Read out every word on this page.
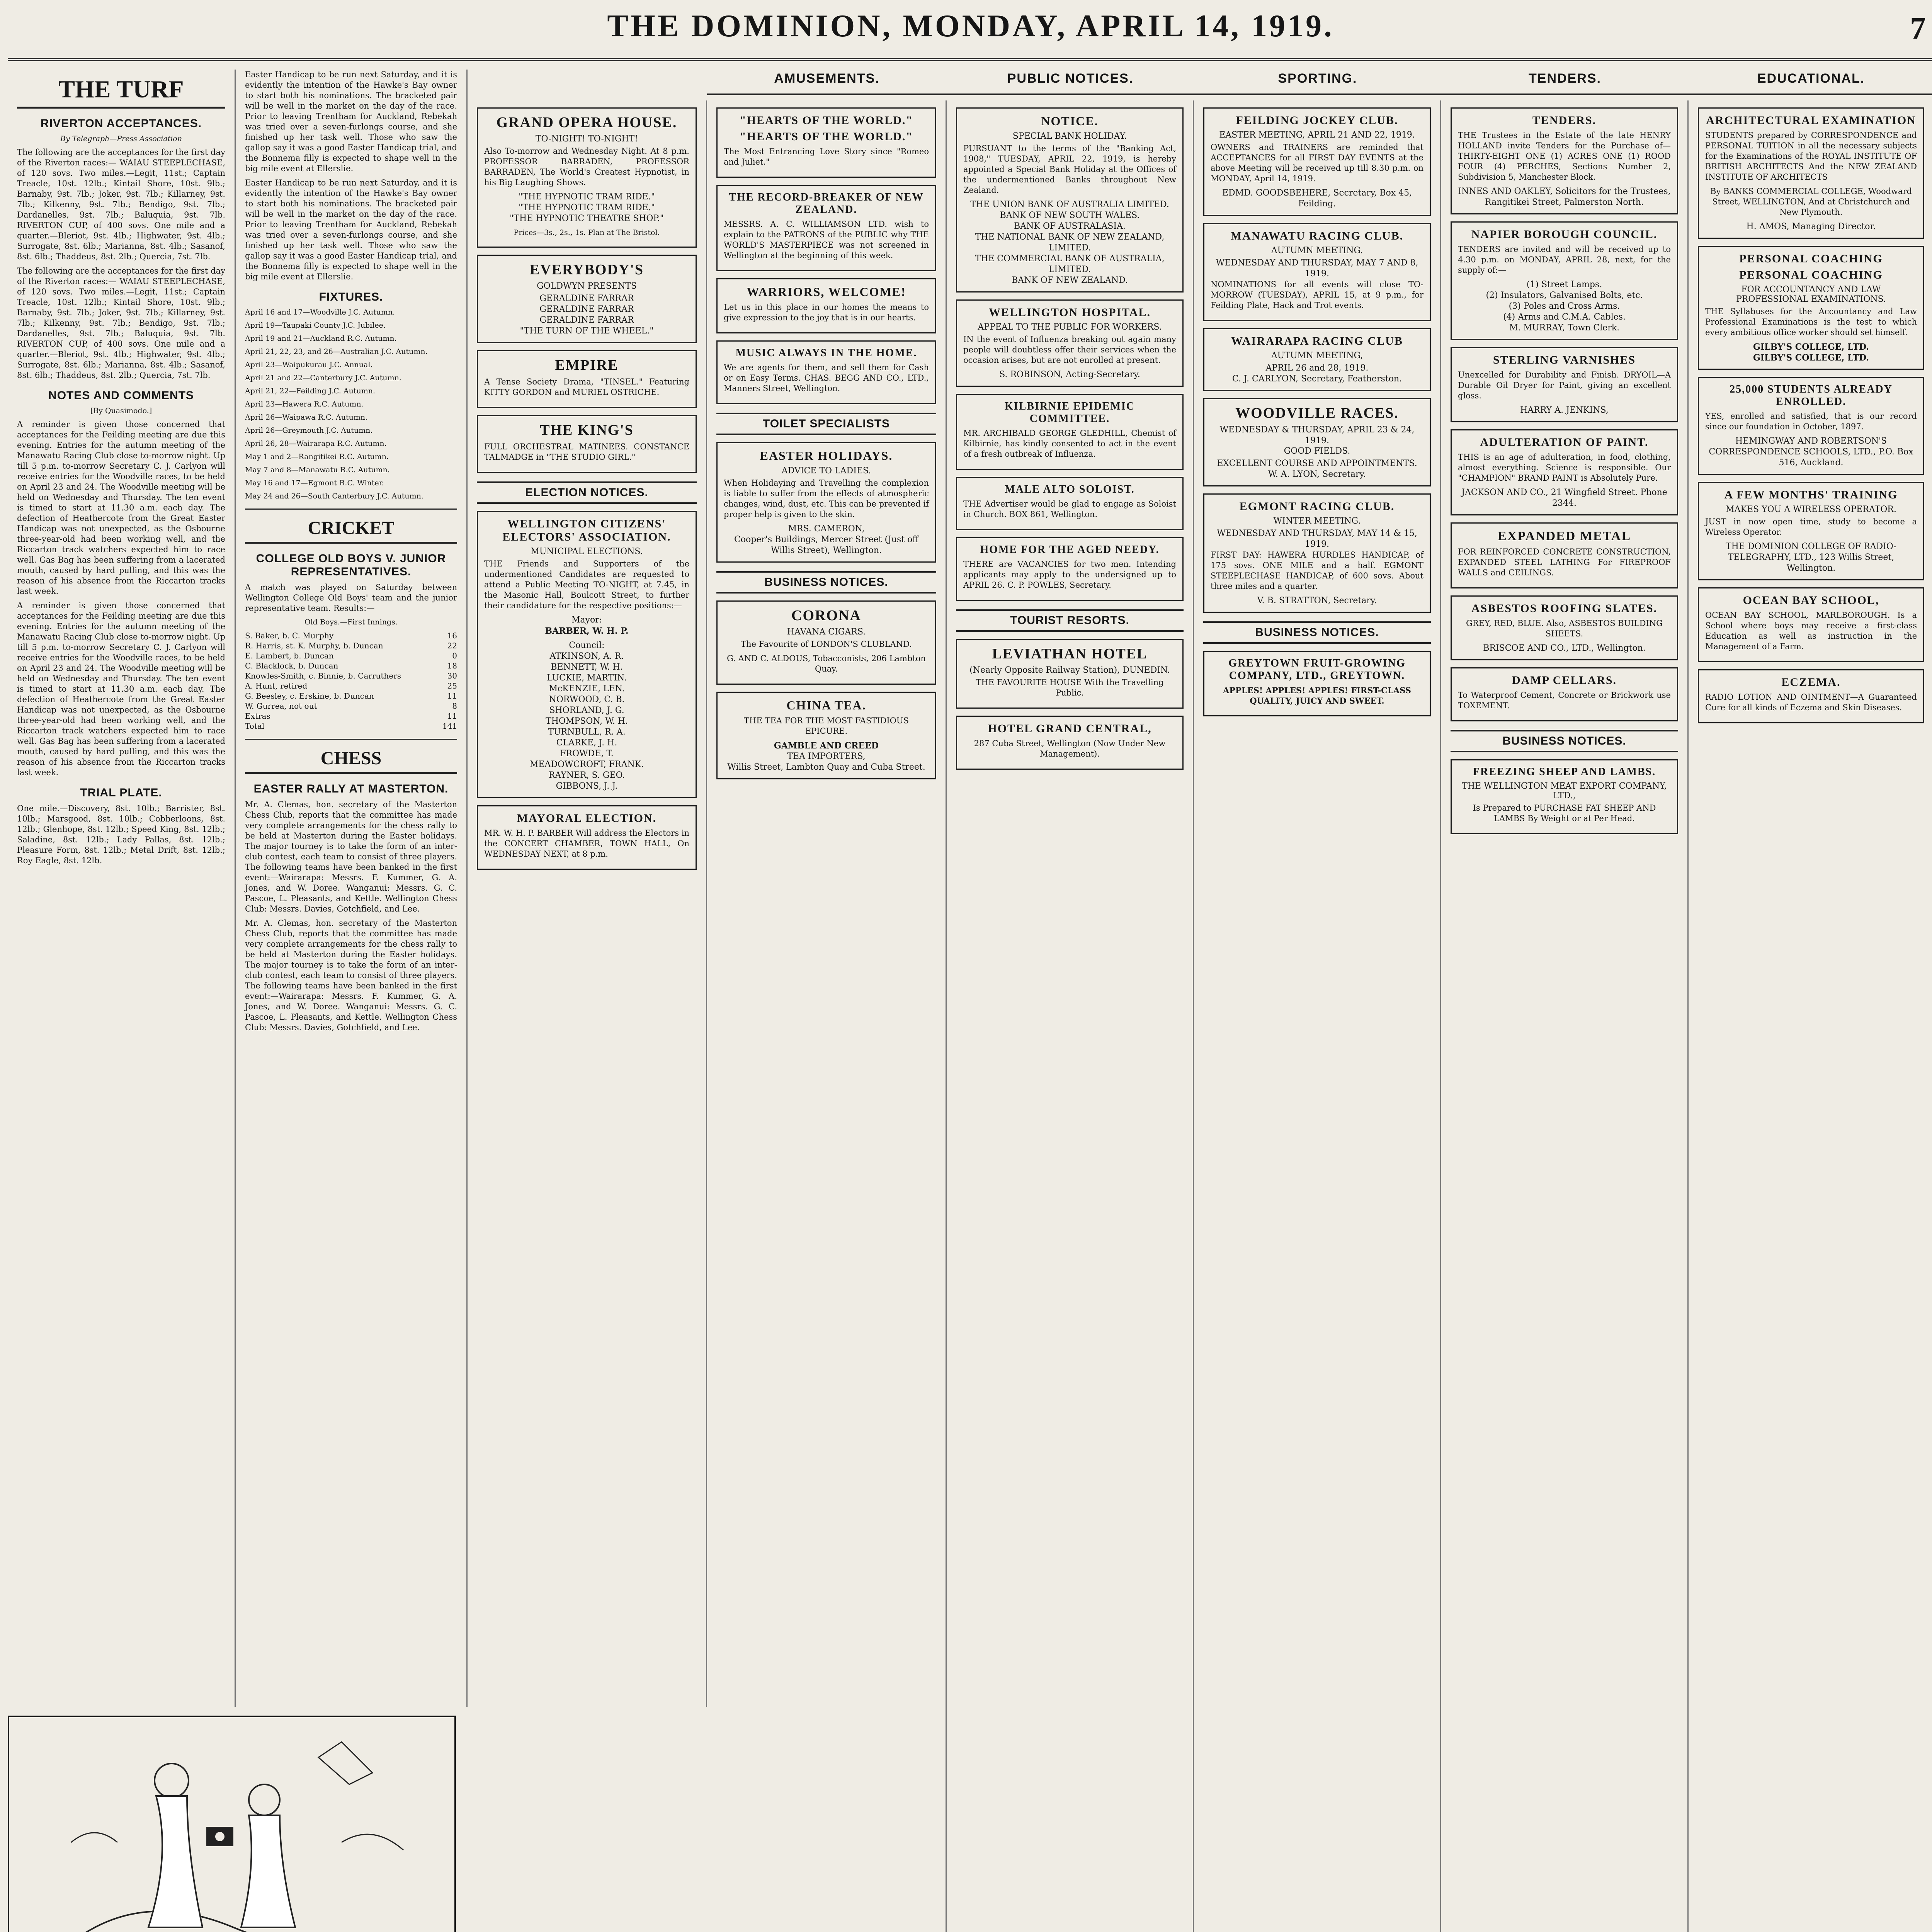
THE DOMINION, MONDAY, APRIL 14, 1919.	7
AMUSEMENTS.	PUBLIC NOTICES.	SPORTING.	TENDERS.	EDUCATIONAL.
THE TURF
RIVERTON ACCEPTANCES.

By Telegraph—Press Association

The following are the acceptances for the first day of the Riverton races:— WAIAU STEEPLECHASE, of 120 sovs. Two miles.—Legit, 11st.; Captain Treacle, 10st. 12lb.; Kintail Shore, 10st. 9lb.; Barnaby, 9st. 7lb.; Joker, 9st. 7lb.; Killarney, 9st. 7lb.; Kilkenny, 9st. 7lb.; Bendigo, 9st. 7lb.; Dardanelles, 9st. 7lb.; Baluquia, 9st. 7lb. RIVERTON CUP, of 400 sovs. One mile and a quarter.—Bleriot, 9st. 4lb.; Highwater, 9st. 4lb.; Surrogate, 8st. 6lb.; Marianna, 8st. 4lb.; Sasanof, 8st. 6lb.; Thaddeus, 8st. 2lb.; Quercia, 7st. 7lb.

The following are the acceptances for the first day of the Riverton races:— WAIAU STEEPLECHASE, of 120 sovs. Two miles.—Legit, 11st.; Captain Treacle, 10st. 12lb.; Kintail Shore, 10st. 9lb.; Barnaby, 9st. 7lb.; Joker, 9st. 7lb.; Killarney, 9st. 7lb.; Kilkenny, 9st. 7lb.; Bendigo, 9st. 7lb.; Dardanelles, 9st. 7lb.; Baluquia, 9st. 7lb. RIVERTON CUP, of 400 sovs. One mile and a quarter.—Bleriot, 9st. 4lb.; Highwater, 9st. 4lb.; Surrogate, 8st. 6lb.; Marianna, 8st. 4lb.; Sasanof, 8st. 6lb.; Thaddeus, 8st. 2lb.; Quercia, 7st. 7lb.

NOTES AND COMMENTS

[By Quasimodo.]

A reminder is given those concerned that acceptances for the Feilding meeting are due this evening. Entries for the autumn meeting of the Manawatu Racing Club close to-morrow night. Up till 5 p.m. to-morrow Secretary C. J. Carlyon will receive entries for the Woodville races, to be held on April 23 and 24. The Woodville meeting will be held on Wednesday and Thursday. The ten event is timed to start at 11.30 a.m. each day. The defection of Heathercote from the Great Easter Handicap was not unexpected, as the Osbourne three-year-old had been working well, and the Riccarton track watchers expected him to race well. Gas Bag has been suffering from a lacerated mouth, caused by hard pulling, and this was the reason of his absence from the Riccarton tracks last week.

A reminder is given those concerned that acceptances for the Feilding meeting are due this evening. Entries for the autumn meeting of the Manawatu Racing Club close to-morrow night. Up till 5 p.m. to-morrow Secretary C. J. Carlyon will receive entries for the Woodville races, to be held on April 23 and 24. The Woodville meeting will be held on Wednesday and Thursday. The ten event is timed to start at 11.30 a.m. each day. The defection of Heathercote from the Great Easter Handicap was not unexpected, as the Osbourne three-year-old had been working well, and the Riccarton track watchers expected him to race well. Gas Bag has been suffering from a lacerated mouth, caused by hard pulling, and this was the reason of his absence from the Riccarton tracks last week.

TRIAL PLATE.

One mile.—Discovery, 8st. 10lb.; Barrister, 8st. 10lb.; Marsgood, 8st. 10lb.; Cobberloons, 8st. 12lb.; Glenhope, 8st. 12lb.; Speed King, 8st. 12lb.; Saladine, 8st. 12lb.; Lady Pallas, 8st. 12lb.; Pleasure Form, 8st. 12lb.; Metal Drift, 8st. 12lb.; Roy Eagle, 8st. 12lb.

Easter Handicap to be run next Saturday, and it is evidently the intention of the Hawke's Bay owner to start both his nominations. The bracketed pair will be well in the market on the day of the race. Prior to leaving Trentham for Auckland, Rebekah was tried over a seven-furlongs course, and she finished up her task well. Those who saw the gallop say it was a good Easter Handicap trial, and the Bonnema filly is expected to shape well in the big mile event at Ellerslie.

Easter Handicap to be run next Saturday, and it is evidently the intention of the Hawke's Bay owner to start both his nominations. The bracketed pair will be well in the market on the day of the race. Prior to leaving Trentham for Auckland, Rebekah was tried over a seven-furlongs course, and she finished up her task well. Those who saw the gallop say it was a good Easter Handicap trial, and the Bonnema filly is expected to shape well in the big mile event at Ellerslie.

FIXTURES.

April 16 and 17—Woodville J.C. Autumn.

April 19—Taupaki County J.C. Jubilee.

April 19 and 21—Auckland R.C. Autumn.

April 21, 22, 23, and 26—Australian J.C. Autumn.

April 23—Waipukurau J.C. Annual.

April 21 and 22—Canterbury J.C. Autumn.

April 21, 22—Feilding J.C. Autumn.

April 23—Hawera R.C. Autumn.

April 26—Waipawa R.C. Autumn.

April 26—Greymouth J.C. Autumn.

April 26, 28—Wairarapa R.C. Autumn.

May 1 and 2—Rangitikei R.C. Autumn.

May 7 and 8—Manawatu R.C. Autumn.

May 16 and 17—Egmont R.C. Winter.

May 24 and 26—South Canterbury J.C. Autumn.

CRICKET
COLLEGE OLD BOYS V. JUNIOR REPRESENTATIVES.

A match was played on Saturday between Wellington College Old Boys' team and the junior representative team. Results:—

Old Boys.—First Innings.

S. Baker, b. C. Murphy	16
R. Harris, st. K. Murphy, b. Duncan	22
E. Lambert, b. Duncan	0
C. Blacklock, b. Duncan	18
Knowles-Smith, c. Binnie, b. Carruthers	30
A. Hunt, retired	25
G. Beesley, c. Erskine, b. Duncan	11
W. Gurrea, not out	8
Extras	11
Total	141
CHESS
EASTER RALLY AT MASTERTON.

Mr. A. Clemas, hon. secretary of the Masterton Chess Club, reports that the committee has made very complete arrangements for the chess rally to be held at Masterton during the Easter holidays. The major tourney is to take the form of an inter-club contest, each team to consist of three players. The following teams have been banked in the first event:—Wairarapa: Messrs. F. Kummer, G. A. Jones, and W. Doree. Wanganui: Messrs. G. C. Pascoe, L. Pleasants, and Kettle. Wellington Chess Club: Messrs. Davies, Gotchfield, and Lee.

Mr. A. Clemas, hon. secretary of the Masterton Chess Club, reports that the committee has made very complete arrangements for the chess rally to be held at Masterton during the Easter holidays. The major tourney is to take the form of an inter-club contest, each team to consist of three players. The following teams have been banked in the first event:—Wairarapa: Messrs. F. Kummer, G. A. Jones, and W. Doree. Wanganui: Messrs. G. C. Pascoe, L. Pleasants, and Kettle. Wellington Chess Club: Messrs. Davies, Gotchfield, and Lee.

GRAND OPERA HOUSE.
TO-NIGHT! TO-NIGHT!

Also To-morrow and Wednesday Night. At 8 p.m. PROFESSOR BARRADEN, PROFESSOR BARRADEN, The World's Greatest Hypnotist, in his Big Laughing Shows.

"THE HYPNOTIC TRAM RIDE."
"THE HYPNOTIC TRAM RIDE."
"THE HYPNOTIC THEATRE SHOP."

Prices—3s., 2s., 1s. Plan at The Bristol.

EVERYBODY'S
GOLDWYN PRESENTS
GERALDINE FARRAR
GERALDINE FARRAR
GERALDINE FARRAR
"THE TURN OF THE WHEEL."
EMPIRE

A Tense Society Drama, "TINSEL." Featuring KITTY GORDON and MURIEL OSTRICHE.

THE KING'S

FULL ORCHESTRAL MATINEES. CONSTANCE TALMADGE in "THE STUDIO GIRL."

ELECTION NOTICES.
WELLINGTON CITIZENS' ELECTORS' ASSOCIATION.
MUNICIPAL ELECTIONS.

THE Friends and Supporters of the undermentioned Candidates are requested to attend a Public Meeting TO-NIGHT, at 7.45, in the Masonic Hall, Boulcott Street, to further their candidature for the respective positions:—

Mayor:
BARBER, W. H. P.
Council:
ATKINSON, A. R.
BENNETT, W. H.
LUCKIE, MARTIN.
McKENZIE, LEN.
NORWOOD, C. B.
SHORLAND, J. G.
THOMPSON, W. H.
TURNBULL, R. A.
CLARKE, J. H.
FROWDE, T.
MEADOWCROFT, FRANK.
RAYNER, S. GEO.
GIBBONS, J. J.
MAYORAL ELECTION.

MR. W. H. P. BARBER Will address the Electors in the CONCERT CHAMBER, TOWN HALL, On WEDNESDAY NEXT, at 8 p.m.

"HEARTS OF THE WORLD."
"HEARTS OF THE WORLD."

The Most Entrancing Love Story since "Romeo and Juliet."

THE RECORD-BREAKER OF NEW ZEALAND.

MESSRS. A. C. WILLIAMSON LTD. wish to explain to the PATRONS of the PUBLIC why THE WORLD'S MASTERPIECE was not screened in Wellington at the beginning of this week.

WARRIORS, WELCOME!

Let us in this place in our homes the means to give expression to the joy that is in our hearts.

MUSIC ALWAYS IN THE HOME.

We are agents for them, and sell them for Cash or on Easy Terms. CHAS. BEGG AND CO., LTD., Manners Street, Wellington.

TOILET SPECIALISTS
EASTER HOLIDAYS.
ADVICE TO LADIES.

When Holidaying and Travelling the complexion is liable to suffer from the effects of atmospheric changes, wind, dust, etc. This can be prevented if proper help is given to the skin.

MRS. CAMERON,
Cooper's Buildings, Mercer Street (Just off Willis Street), Wellington.
BUSINESS NOTICES.
CORONA
HAVANA CIGARS.

The Favourite of LONDON'S CLUBLAND.

G. AND C. ALDOUS, Tobacconists, 206 Lambton Quay.

CHINA TEA.

THE TEA FOR THE MOST FASTIDIOUS EPICURE.

GAMBLE AND CREED
TEA IMPORTERS,
Willis Street, Lambton Quay and Cuba Street.
NOTICE.
SPECIAL BANK HOLIDAY.

PURSUANT to the terms of the "Banking Act, 1908," TUESDAY, APRIL 22, 1919, is hereby appointed a Special Bank Holiday at the Offices of the undermentioned Banks throughout New Zealand.

THE UNION BANK OF AUSTRALIA LIMITED.
BANK OF NEW SOUTH WALES.
BANK OF AUSTRALASIA.
THE NATIONAL BANK OF NEW ZEALAND, LIMITED.
THE COMMERCIAL BANK OF AUSTRALIA, LIMITED.
BANK OF NEW ZEALAND.
WELLINGTON HOSPITAL.
APPEAL TO THE PUBLIC FOR WORKERS.

IN the event of Influenza breaking out again many people will doubtless offer their services when the occasion arises, but are not enrolled at present.

S. ROBINSON, Acting-Secretary.
KILBIRNIE EPIDEMIC COMMITTEE.

MR. ARCHIBALD GEORGE GLEDHILL, Chemist of Kilbirnie, has kindly consented to act in the event of a fresh outbreak of Influenza.

MALE ALTO SOLOIST.

THE Advertiser would be glad to engage as Soloist in Church. BOX 861, Wellington.

HOME FOR THE AGED NEEDY.

THERE are VACANCIES for two men. Intending applicants may apply to the undersigned up to APRIL 26. C. P. POWLES, Secretary.

TOURIST RESORTS.
LEVIATHAN HOTEL
(Nearly Opposite Railway Station), DUNEDIN.

THE FAVOURITE HOUSE With the Travelling Public.

HOTEL GRAND CENTRAL,

287 Cuba Street, Wellington (Now Under New Management).

FEILDING JOCKEY CLUB.
EASTER MEETING, APRIL 21 AND 22, 1919.

OWNERS and TRAINERS are reminded that ACCEPTANCES for all FIRST DAY EVENTS at the above Meeting will be received up till 8.30 p.m. on MONDAY, April 14, 1919.

EDMD. GOODSBEHERE, Secretary, Box 45, Feilding.
MANAWATU RACING CLUB.
AUTUMN MEETING.
WEDNESDAY AND THURSDAY, MAY 7 AND 8, 1919.

NOMINATIONS for all events will close TO-MORROW (TUESDAY), APRIL 15, at 9 p.m., for Feilding Plate, Hack and Trot events.

WAIRARAPA RACING CLUB
AUTUMN MEETING,
APRIL 26 and 28, 1919.
C. J. CARLYON, Secretary, Featherston.
WOODVILLE RACES.
WEDNESDAY & THURSDAY, APRIL 23 & 24, 1919.
GOOD FIELDS.
EXCELLENT COURSE AND APPOINTMENTS.
W. A. LYON, Secretary.
EGMONT RACING CLUB.
WINTER MEETING.
WEDNESDAY AND THURSDAY, MAY 14 & 15, 1919.

FIRST DAY: HAWERA HURDLES HANDICAP, of 175 sovs. ONE MILE and a half. EGMONT STEEPLECHASE HANDICAP, of 600 sovs. About three miles and a quarter.

V. B. STRATTON, Secretary.
BUSINESS NOTICES.
GREYTOWN FRUIT-GROWING COMPANY, LTD., GREYTOWN.

APPLES! APPLES! APPLES! FIRST-CLASS QUALITY, JUICY AND SWEET.

TENDERS.

THE Trustees in the Estate of the late HENRY HOLLAND invite Tenders for the Purchase of— THIRTY-EIGHT ONE (1) ACRES ONE (1) ROOD FOUR (4) PERCHES, Sections Number 2, Subdivision 5, Manchester Block.

INNES AND OAKLEY, Solicitors for the Trustees, Rangitikei Street, Palmerston North.
NAPIER BOROUGH COUNCIL.

TENDERS are invited and will be received up to 4.30 p.m. on MONDAY, APRIL 28, next, for the supply of:—

(1) Street Lamps.
(2) Insulators, Galvanised Bolts, etc.
(3) Poles and Cross Arms.
(4) Arms and C.M.A. Cables.
M. MURRAY, Town Clerk.
STERLING VARNISHES

Unexcelled for Durability and Finish. DRYOIL—A Durable Oil Dryer for Paint, giving an excellent gloss.

HARRY A. JENKINS,
ADULTERATION OF PAINT.

THIS is an age of adulteration, in food, clothing, almost everything. Science is responsible. Our "CHAMPION" BRAND PAINT is Absolutely Pure.

JACKSON AND CO., 21 Wingfield Street. Phone 2344.
EXPANDED METAL

FOR REINFORCED CONCRETE CONSTRUCTION, EXPANDED STEEL LATHING For FIREPROOF WALLS and CEILINGS.

ASBESTOS ROOFING SLATES.

GREY, RED, BLUE. Also, ASBESTOS BUILDING SHEETS.

BRISCOE AND CO., LTD., Wellington.
DAMP CELLARS.

To Waterproof Cement, Concrete or Brickwork use TOXEMENT.

BUSINESS NOTICES.
FREEZING SHEEP AND LAMBS.
THE WELLINGTON MEAT EXPORT COMPANY, LTD.,

Is Prepared to PURCHASE FAT SHEEP AND LAMBS By Weight or at Per Head.

ARCHITECTURAL EXAMINATION

STUDENTS prepared by CORRESPONDENCE and PERSONAL TUITION in all the necessary subjects for the Examinations of the ROYAL INSTITUTE OF BRITISH ARCHITECTS And the NEW ZEALAND INSTITUTE OF ARCHITECTS

By BANKS COMMERCIAL COLLEGE, Woodward Street, WELLINGTON, And at Christchurch and New Plymouth.

H. AMOS, Managing Director.
PERSONAL COACHING
PERSONAL COACHING
FOR ACCOUNTANCY AND LAW PROFESSIONAL EXAMINATIONS.

THE Syllabuses for the Accountancy and Law Professional Examinations is the test to which every ambitious office worker should set himself.

GILBY'S COLLEGE, LTD.
GILBY'S COLLEGE, LTD.
25,000 STUDENTS ALREADY ENROLLED.

YES, enrolled and satisfied, that is our record since our foundation in October, 1897.

HEMINGWAY AND ROBERTSON'S CORRESPONDENCE SCHOOLS, LTD., P.O. Box 516, Auckland.
A FEW MONTHS' TRAINING
MAKES YOU A WIRELESS OPERATOR.

JUST in now open time, study to become a Wireless Operator.

THE DOMINION COLLEGE OF RADIO-TELEGRAPHY, LTD., 123 Willis Street, Wellington.
OCEAN BAY SCHOOL,

OCEAN BAY SCHOOL, MARLBOROUGH. Is a School where boys may receive a first-class Education as well as instruction in the Management of a Farm.

ECZEMA.

RADIO LOTION AND OINTMENT—A Guaranteed Cure for all kinds of Eczema and Skin Diseases.
